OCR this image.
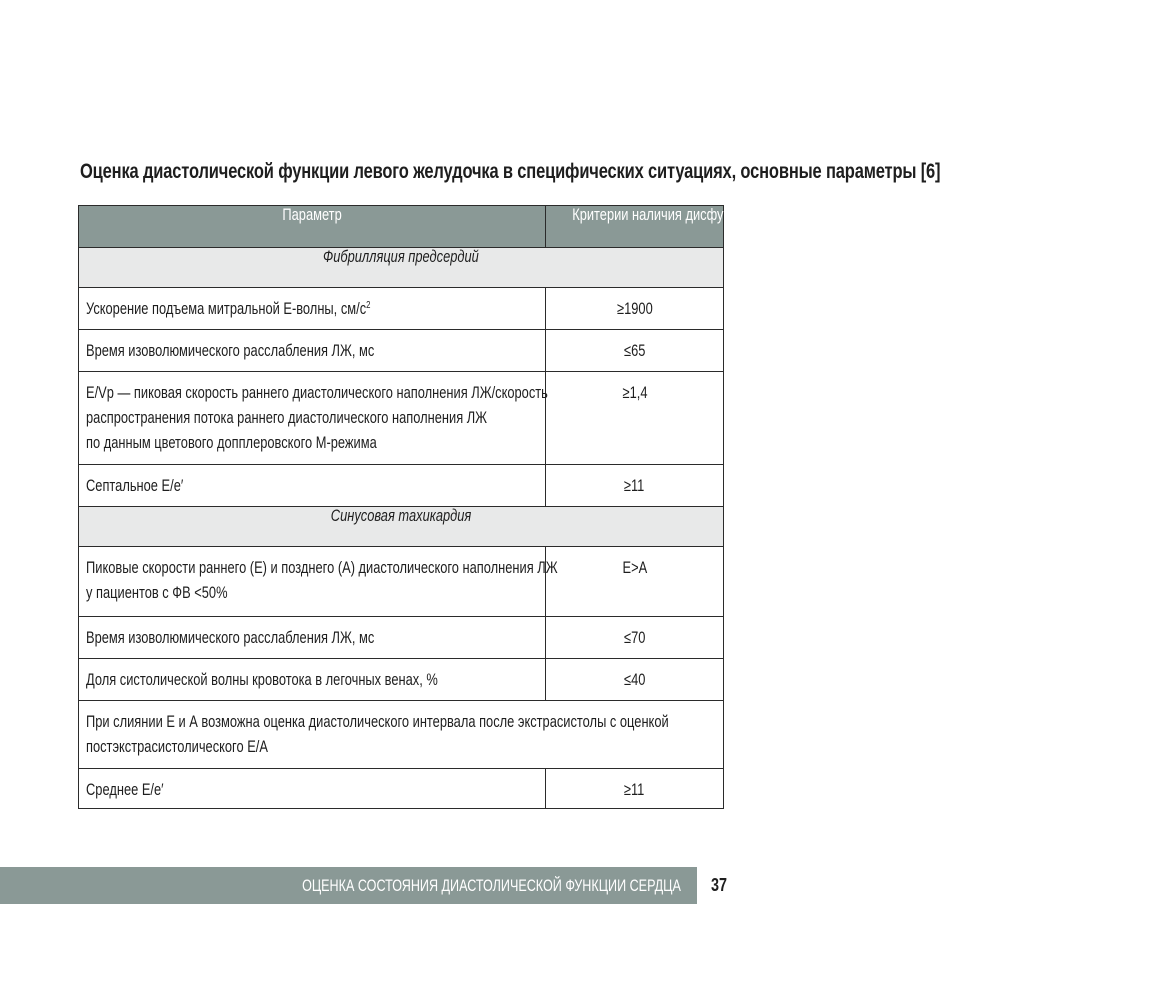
Оценка диастолической функции левого желудочка в специфических ситуациях, основные параметры [6]
Параметр	Критерии наличия дисфункции
Фибрилляция предсердий	

Ускорение подъема митральной Е-волны, $см/с^2$	≥1900

Время изоволюмического расслабления ЛЖ, мс	≤65

Е/Vp — пиковая скорость раннего диастолического наполнения ЛЖ/скорость
распространения потока раннего диастолического наполнения ЛЖ
по данным цветового допплеровского М-режима	≥1,4

Септальное Е/е′	≥11

Синусовая тахикардия	

Пиковые скорости раннего (Е) и позднего (А) диастолического наполнения ЛЖ
у пациентов с ФВ <50%	Е>А

Время изоволюмического расслабления ЛЖ, мс	≤70

Доля систолической волны кровотока в легочных венах, %	≤40

При слиянии Е и А возможна оценка диастолического интервала после экстрасистолы с оценкой
постэкстрасистолического Е/А	

Среднее Е/е′	≥11
ОЦЕНКА СОСТОЯНИЯ ДИАСТОЛИЧЕСКОЙ ФУНКЦИИ СЕРДЦА	37
